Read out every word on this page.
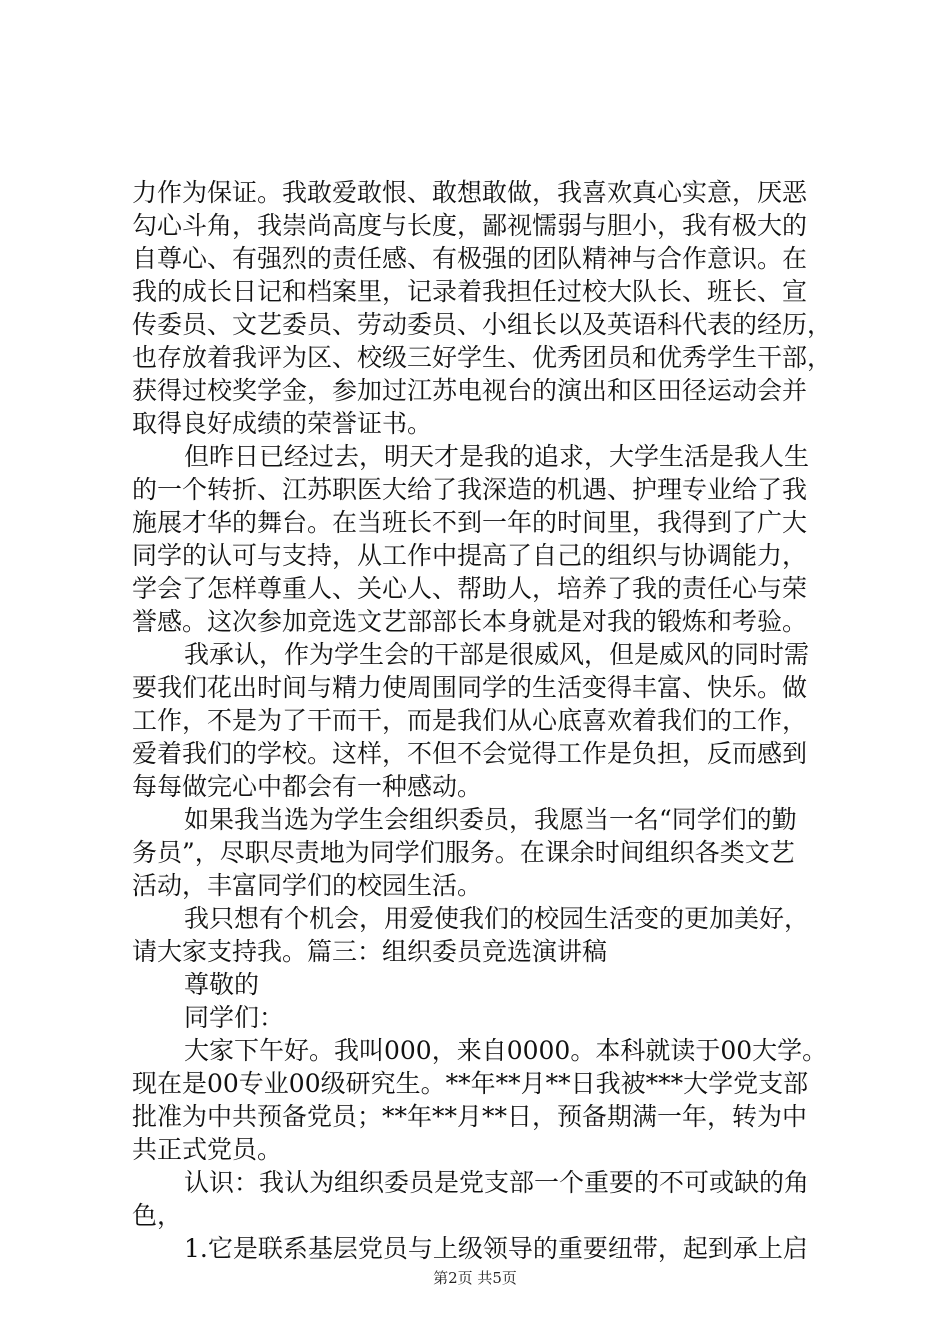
力作为保证。我敢爱敢恨、敢想敢做，我喜欢真心实意，厌恶
勾心斗角，我崇尚高度与长度，鄙视懦弱与胆小，我有极大的
自尊心、有强烈的责任感、有极强的团队精神与合作意识。在
我的成长日记和档案里，记录着我担任过校大队长、班长、宣
传委员、文艺委员、劳动委员、小组长以及英语科代表的经历，
也存放着我评为区、校级三好学生、优秀团员和优秀学生干部，
获得过校奖学金，参加过江苏电视台的演出和区田径运动会并
取得良好成绩的荣誉证书。
但昨日已经过去，明天才是我的追求，大学生活是我人生
的一个转折、江苏职医大给了我深造的机遇、护理专业给了我
施展才华的舞台。在当班长不到一年的时间里，我得到了广大
同学的认可与支持，从工作中提高了自己的组织与协调能力，
学会了怎样尊重人、关心人、帮助人，培养了我的责任心与荣
誉感。这次参加竞选文艺部部长本身就是对我的锻炼和考验。
我承认，作为学生会的干部是很威风，但是威风的同时需
要我们花出时间与精力使周围同学的生活变得丰富、快乐。做
工作，不是为了干而干，而是我们从心底喜欢着我们的工作，
爱着我们的学校。这样，不但不会觉得工作是负担，反而感到
每每做完心中都会有一种感动。
如果我当选为学生会组织委员，我愿当一名“同学们的勤
务员”，尽职尽责地为同学们服务。在课余时间组织各类文艺
活动，丰富同学们的校园生活。
我只想有个机会，用爱使我们的校园生活变的更加美好，
请大家支持我。篇三：组织委员竞选演讲稿
尊敬的
同学们：
大家下午好。我叫000，来自0000。本科就读于00大学。
现在是00专业00级研究生。**年**月**日我被***大学党支部
批准为中共预备党员；**年**月**日，预备期满一年，转为中
共正式党员。
认识：我认为组织委员是党支部一个重要的不可或缺的角
色，
1.它是联系基层党员与上级领导的重要纽带，起到承上启
第2页 共5页
